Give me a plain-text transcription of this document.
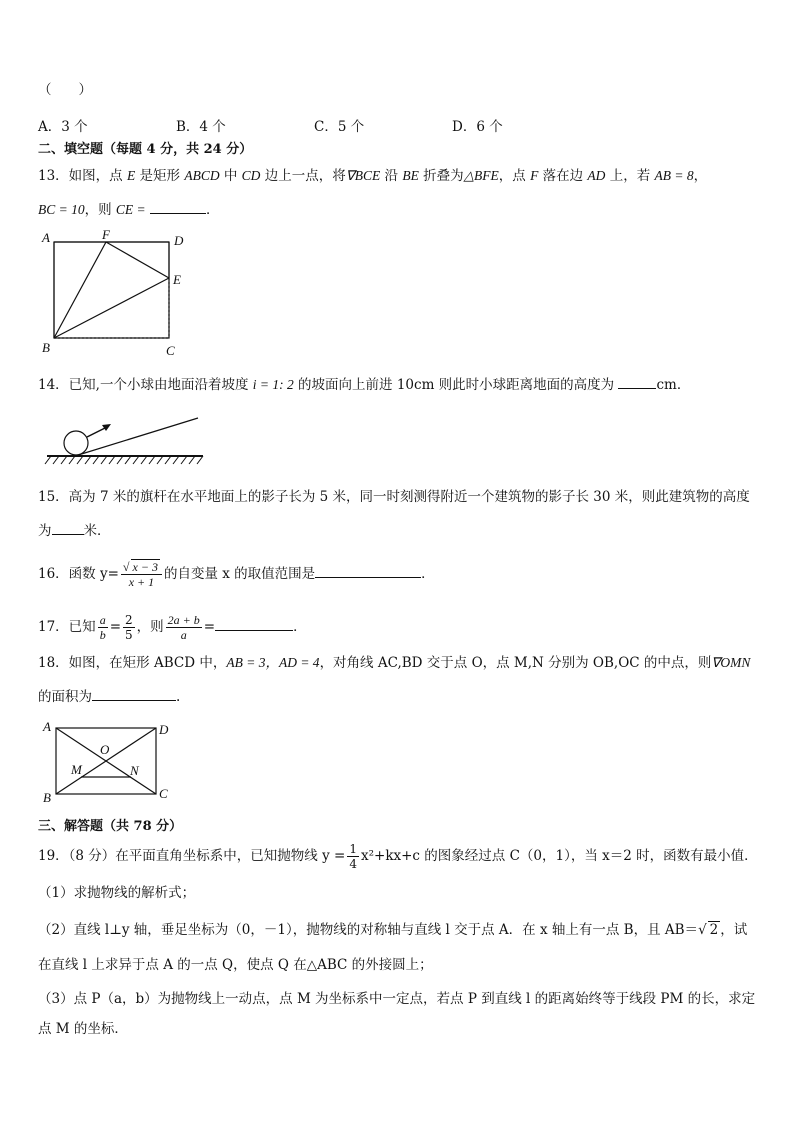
（　　）
A．3 个	B．4 个	C．5 个	D．6 个
二、填空题（每题 4 分，共 24 分）
13．如图，点 E 是矩形 ABCD 中 CD 边上一点，将∇BCE 沿 BE 折叠为△BFE，点 F 落在边 AD 上，若 AB = 8，
BC = 10，则 CE =	．
A	F	D
E
B	C
14．已知,一个小球由地面沿着坡度 i = 1: 2 的坡面向上前进 10cm 则此时小球距离地面的高度为	cm．
15．高为 7 米的旗杆在水平地面上的影子长为 5 米，同一时刻测得附近一个建筑物的影子长 30 米，则此建筑物的高度
为 米．
16．函数 $y= \frac{√ x - 3}{x + 1}$ 的自变量 x 的取值范围是	．
17．已知 $\frac{a}{b} = \frac{2}{5}$ ，则 $\frac{2a + b}{a}$ =	．
18．如图，在矩形 ABCD 中，AB = 3，AD = 4，对角线 AC,BD 交于点 O，点 M,N 分别为 OB,OC 的中点，则∇OMN
的面积为	.
A	D
O
M	N
B	C
三、解答题（共 78 分）
19．（8 分）在平面直角坐标系中，已知抛物线 $y = \frac{1}{4} x^2+kx+c$ 的图象经过点 C（0，1），当 x＝2 时，函数有最小值．
（1）求抛物线的解析式；
（2）直线 l⊥y 轴，垂足坐标为（0，－1），抛物线的对称轴与直线 l 交于点 A．在 x 轴上有一点 B，且 AB＝√ 2 ，试
在直线 l 上求异于点 A 的一点 Q，使点 Q 在△ABC 的外接圆上；
（3）点 P（a，b）为抛物线上一动点，点 M 为坐标系中一定点，若点 P 到直线 l 的距离始终等于线段 PM 的长，求定
点 M 的坐标．
